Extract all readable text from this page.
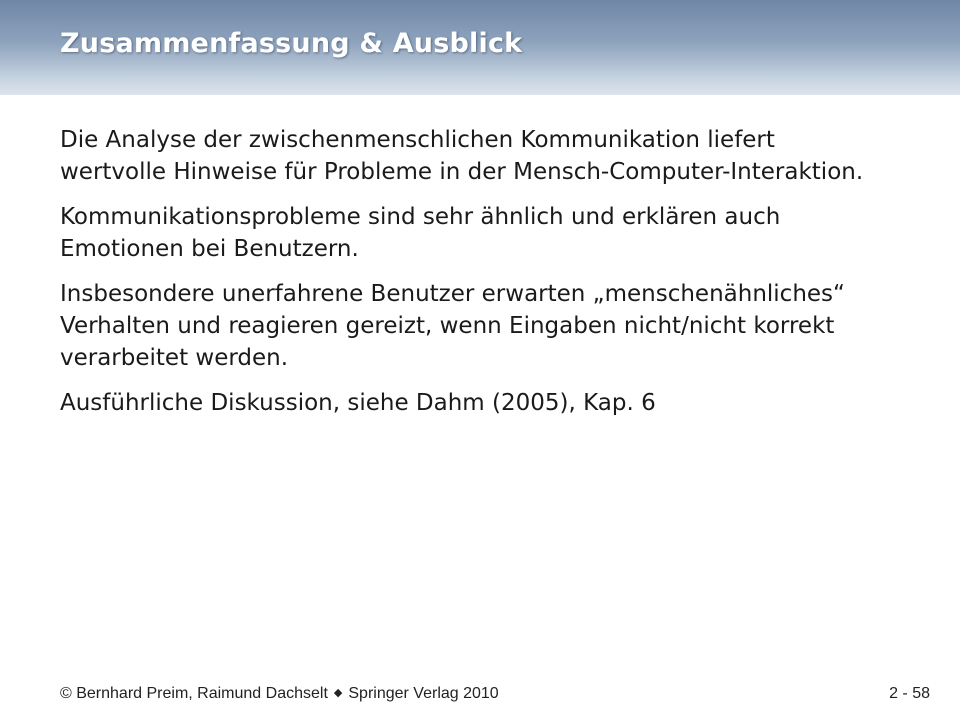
Zusammenfassung & Ausblick

Die Analyse der zwischenmenschlichen Kommunikation liefert wertvolle Hinweise für Probleme in der Mensch-Computer-Interaktion.

Kommunikationsprobleme sind sehr ähnlich und erklären auch Emotionen bei Benutzern.

Insbesondere unerfahrene Benutzer erwarten „menschenähnliches“ Verhalten und reagieren gereizt, wenn Eingaben nicht/nicht korrekt verarbeitet werden.

Ausführliche Diskussion, siehe Dahm (2005), Kap. 6

© Bernhard Preim, Raimund Dachselt ◆ Springer Verlag 2010	2 - 58
